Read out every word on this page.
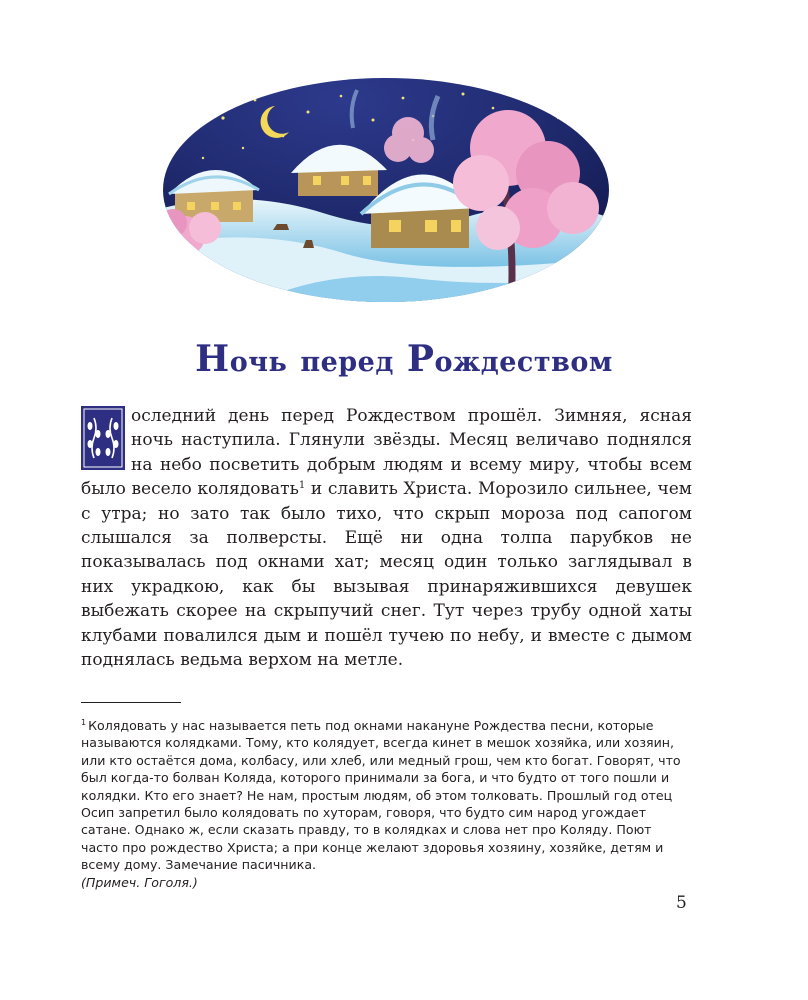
Ночь перед Рождеством
П
оследний день перед Рождеством прошёл. Зимняя, ясная ночь наступила. Глянули звёзды. Месяц величаво поднялся на небо посветить добрым людям и всему миру, чтобы всем было весело колядовать$^1$ и славить Христа. Морозило сильнее, чем с утра; но зато так было тихо, что скрып мороза под сапогом слышался за полверсты. Ещё ни одна толпа парубков не показывалась под окнами хат; месяц один только заглядывал в них украдкою, как бы вызывая принаряжившихся девушек выбежать скорее на скрыпучий снег. Тут через трубу одной хаты клубами повалился дым и пошёл тучею по небу, и вместе с дымом поднялась ведьма верхом на метле.

$^1$ Колядовать у нас называется петь под окнами накануне Рождества песни, которые называются колядками. Тому, кто колядует, всегда кинет в мешок хозяйка, или хозяин, или кто остаётся дома, колбасу, или хлеб, или медный грош, чем кто богат. Говорят, что был когда-то болван Коляда, которого принимали за бога, и что будто от того пошли и колядки. Кто его знает? Не нам, простым людям, об этом толковать. Прошлый год отец Осип запретил было колядовать по хуторам, говоря, что будто сим народ угождает сатане. Однако ж, если сказать правду, то в колядках и слова нет про Коляду. Поют часто про рождество Христа; а при конце желают здоровья хозяину, хозяйке, детям и всему дому. Замечание пасичника.
(Примеч. Гоголя.)

5
